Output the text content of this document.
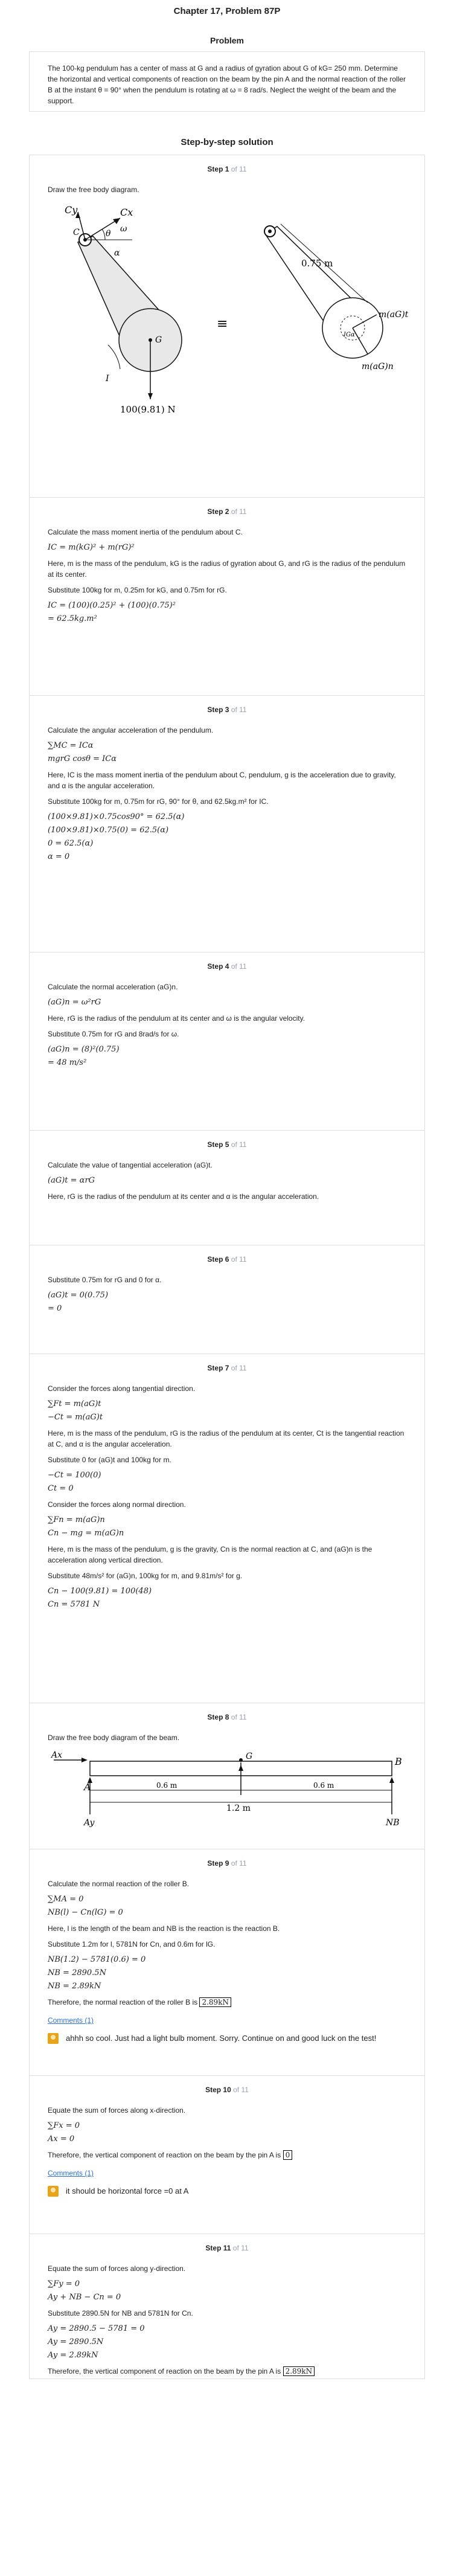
Chapter 17, Problem 87P
Problem
The 100-kg pendulum has a center of mass at G and a radius of gyration about G of kG= 250 mm. Determine the horizontal and vertical components of reaction on the beam by the pin A and the normal reaction of the roller B at the instant θ = 90° when the pendulum is rotating at ω = 8 rad/s. Neglect the weight of the beam and the support.
Step-by-step solution
Step 1 of 11
Draw the free body diagram.
Cy	Cx
C	θ ω
α
G
I
100(9.81) N
≡
0.75 m
m(aG)t
m(aG)n
IGα
Step 2 of 11
Calculate the mass moment inertia of the pendulum about C.
IC = m(kG)² + m(rG)²
Here, m is the mass of the pendulum, kG is the radius of gyration about G, and rG is the radius of the pendulum at its center.
Substitute 100kg for m, 0.25m for kG, and 0.75m for rG.
IC = (100)(0.25)² + (100)(0.75)²
= 62.5kg.m²
Step 3 of 11
Calculate the angular acceleration of the pendulum.
∑MC = ICα
mgrG cosθ = ICα
Here, IC is the mass moment inertia of the pendulum about C, pendulum, g is the acceleration due to gravity, and α is the angular acceleration.
Substitute 100kg for m, 0.75m for rG, 90° for θ, and 62.5kg.m² for IC.
(100×9.81)×0.75cos90° = 62.5(α)
(100×9.81)×0.75(0) = 62.5(α)
0 = 62.5(α)
α = 0
Step 4 of 11
Calculate the normal acceleration (aG)n.
(aG)n = ω²rG
Here, rG is the radius of the pendulum at its center and ω is the angular velocity.
Substitute 0.75m for rG and 8rad/s for ω.
(aG)n = (8)²(0.75)
= 48 m/s²
Step 5 of 11
Calculate the value of tangential acceleration (aG)t.
(aG)t = αrG
Here, rG is the radius of the pendulum at its center and α is the angular acceleration.
Step 6 of 11
Substitute 0.75m for rG and 0 for α.
(aG)t = 0(0.75)
= 0
Step 7 of 11
Consider the forces along tangential direction.
∑Ft = m(aG)t
−Ct = m(aG)t
Here, m is the mass of the pendulum, rG is the radius of the pendulum at its center, Ct is the tangential reaction at C, and α is the angular acceleration.
Substitute 0 for (aG)t and 100kg for m.
−Ct = 100(0)
Ct = 0
Consider the forces along normal direction.
∑Fn = m(aG)n
Cn − mg = m(aG)n
Here, m is the mass of the pendulum, g is the gravity, Cn is the normal reaction at C, and (aG)n is the acceleration along vertical direction.
Substitute 48m/s² for (aG)n, 100kg for m, and 9.81m/s² for g.
Cn − 100(9.81) = 100(48)
Cn = 5781 N
Step 8 of 11
Draw the free body diagram of the beam.
Ax
A
B
G
0.6 m	0.6 m
1.2 m
Ay	NB
Step 9 of 11
Calculate the normal reaction of the roller B.
∑MA = 0
NB(l) − Cn(lG) = 0
Here, l is the length of the beam and NB is the reaction is the reaction B.
Substitute 1.2m for l, 5781N for Cn, and 0.6m for lG.
NB(1.2) − 5781(0.6) = 0
NB = 2890.5N
NB = 2.89kN
Therefore, the normal reaction of the roller B is 2.89kN
Comments (1)
ahhh so cool. Just had a light bulb moment. Sorry. Continue on and good luck on the test!
Step 10 of 11
Equate the sum of forces along x-direction.
∑Fx = 0
Ax = 0
Therefore, the vertical component of reaction on the beam by the pin A is 0
Comments (1)
it should be horizontal force =0 at A
Step 11 of 11
Equate the sum of forces along y-direction.
∑Fy = 0
Ay + NB − Cn = 0
Substitute 2890.5N for NB and 5781N for Cn.
Ay = 2890.5 − 5781 = 0
Ay = 2890.5N
Ay = 2.89kN
Therefore, the vertical component of reaction on the beam by the pin A is 2.89kN
